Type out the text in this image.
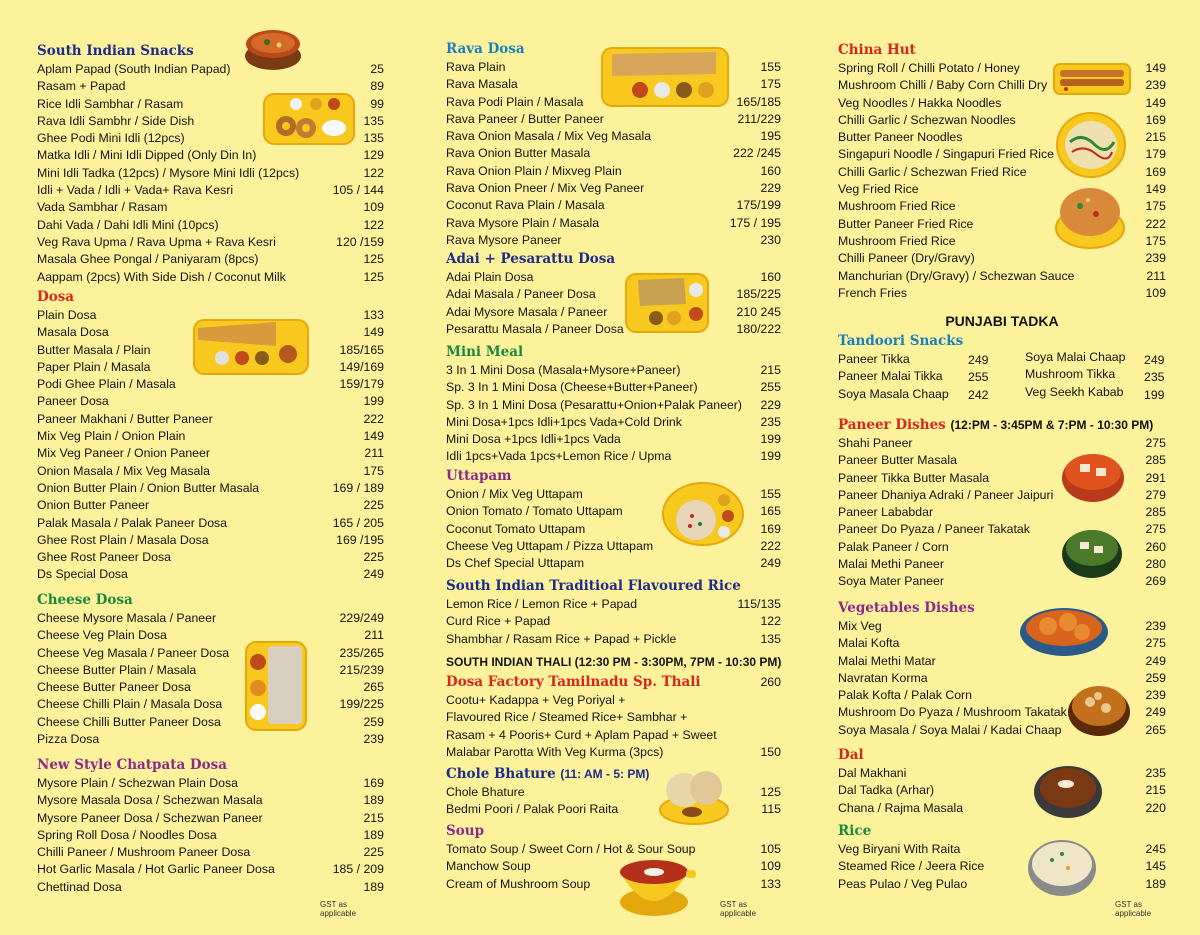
South Indian Snacks
Aplam Papad (South Indian Papad)	25
Rasam + Papad	89
Rice Idli Sambhar / Rasam	99
Rava Idli Sambhr / Side Dish	135
Ghee Podi Mini Idli (12pcs)	135
Matka Idli / Mini Idli Dipped (Only Din In)	129
Mini Idli Tadka (12pcs) / Mysore Mini Idli (12pcs)	122
Idli + Vada / Idli + Vada+ Rava Kesri	105 / 144
Vada Sambhar / Rasam	109
Dahi Vada / Dahi Idli Mini (10pcs)	122
Veg Rava Upma / Rava Upma + Rava Kesri	120 /159
Masala Ghee Pongal / Paniyaram (8pcs)	125
Aappam (2pcs) With Side Dish / Coconut Milk	125
Dosa
Plain Dosa	133
Masala Dosa	149
Butter Masala / Plain	185/165
Paper Plain / Masala	149/169
Podi Ghee Plain / Masala	159/179
Paneer Dosa	199
Paneer Makhani / Butter Paneer	222
Mix Veg Plain / Onion Plain	149
Mix Veg Paneer / Onion Paneer	211
Onion Masala / Mix Veg Masala	175
Onion Butter Plain / Onion Butter Masala	169 / 189
Onion Butter Paneer	225
Palak Masala / Palak Paneer Dosa	165 / 205
Ghee Rost Plain / Masala Dosa	169 /195
Ghee Rost Paneer Dosa	225
Ds Special Dosa	249
Cheese Dosa
Cheese Mysore Masala / Paneer	229/249
Cheese Veg Plain Dosa	211
Cheese Veg Masala / Paneer Dosa	235/265
Cheese Butter Plain / Masala	215/239
Cheese Butter Paneer Dosa	265
Cheese Chilli Plain / Masala Dosa	199/225
Cheese Chilli Butter Paneer Dosa	259
Pizza Dosa	239
New Style Chatpata Dosa
Mysore Plain / Schezwan Plain Dosa	169
Mysore Masala Dosa / Schezwan Masala	189
Mysore Paneer Dosa / Schezwan Paneer	215
Spring Roll Dosa / Noodles Dosa	189
Chilli Paneer / Mushroom Paneer Dosa	225
Hot Garlic Masala / Hot Garlic Paneer Dosa	185 / 209
Chettinad Dosa	189
GST as applicable
Rava Dosa
Rava Plain	155
Rava Masala	175
Rava Podi Plain / Masala	165/185
Rava Paneer / Butter Paneer	211/229
Rava Onion Masala / Mix Veg Masala	195
Rava Onion Butter Masala	222 /245
Rava Onion Plain / Mixveg Plain	160
Rava Onion Pneer / Mix Veg Paneer	229
Coconut Rava Plain / Masala	175/199
Rava Mysore Plain / Masala	175 / 195
Rava Mysore Paneer	230
Adai + Pesarattu Dosa
Adai Plain Dosa	160
Adai Masala / Paneer Dosa	185/225
Adai Mysore Masala / Paneer	210 245
Pesarattu Masala / Paneer Dosa	180/222
Mini Meal
3 In 1 Mini Dosa (Masala+Mysore+Paneer)	215
Sp. 3 In 1 Mini Dosa (Cheese+Butter+Paneer)	255
Sp. 3 In 1 Mini Dosa (Pesarattu+Onion+Palak Paneer) 229
Mini Dosa+1pcs Idli+1pcs Vada+Cold Drink	235
Mini Dosa +1pcs Idli+1pcs Vada	199
Idli 1pcs+Vada 1pcs+Lemon Rice / Upma	199
Uttapam
Onion / Mix Veg Uttapam	155
Onion Tomato / Tomato Uttapam	165
Coconut Tomato Uttapam	169
Cheese Veg Uttapam / Pizza Uttapam	222
Ds Chef Special Uttapam	249
South Indian Traditioal Flavoured Rice
Lemon Rice / Lemon Rice + Papad	115/135
Curd Rice + Papad	122
Shambhar / Rasam Rice + Papad + Pickle	135
SOUTH INDIAN THALI (12:30 PM - 3:30PM, 7PM - 10:30 PM)
Dosa Factory Tamilnadu Sp. Thali	260
Cootu+ Kadappa + Veg Poriyal +
Flavoured Rice / Steamed Rice+ Sambhar +
Rasam + 4 Pooris+ Curd + Aplam Papad + Sweet
Malabar Parotta With Veg Kurma (3pcs)	150
Chole Bhature (11: AM - 5: PM)
Chole Bhature	125
Bedmi Poori / Palak Poori Raita	115
Soup
Tomato Soup / Sweet Corn / Hot & Sour Soup	105
Manchow Soup	109
Cream of Mushroom Soup	133
GST as applicable
China Hut
Spring Roll / Chilli Potato / Honey	149
Mushroom Chilli / Baby Corn Chilli Dry	239
Veg Noodles / Hakka Noodles	149
Chilli Garlic / Schezwan Noodles	169
Butter Paneer Noodles	215
Singapuri Noodle / Singapuri Fried Rice	179
Chilli Garlic / Schezwan Fried Rice	169
Veg Fried Rice	149
Mushroom Fried Rice	175
Butter Paneer Fried Rice	222
Mushroom Fried Rice	175
Chilli Paneer (Dry/Gravy)	239
Manchurian (Dry/Gravy) / Schezwan Sauce	211
French Fries	109
PUNJABI TADKA
Tandoori Snacks
Paneer Tikka	249
Paneer Malai Tikka 255
Soya Masala Chaap 242
Soya Malai Chaap 249
Mushroom Tikka 235
Veg Seekh Kabab 199
Paneer Dishes (12:PM - 3:45PM & 7:PM - 10:30 PM)
Shahi Paneer	275
Paneer Butter Masala	285
Paneer Tikka Butter Masala	291
Paneer Dhaniya Adraki / Paneer Jaipuri	279
Paneer Lababdar	285
Paneer Do Pyaza / Paneer Takatak	275
Palak Paneer / Corn	260
Malai Methi Paneer	280
Soya Mater Paneer	269
Vegetables Dishes
Mix Veg	239
Malai Kofta	275
Malai Methi Matar	249
Navratan Korma	259
Palak Kofta / Palak Corn	239
Mushroom Do Pyaza / Mushroom Takatak	249
Soya Masala / Soya Malai / Kadai Chaap	265
Dal
Dal Makhani	235
Dal Tadka (Arhar)	215
Chana / Rajma Masala	220
Rice
Veg Biryani With Raita	245
Steamed Rice / Jeera Rice	145
Peas Pulao / Veg Pulao	189
GST as applicable
